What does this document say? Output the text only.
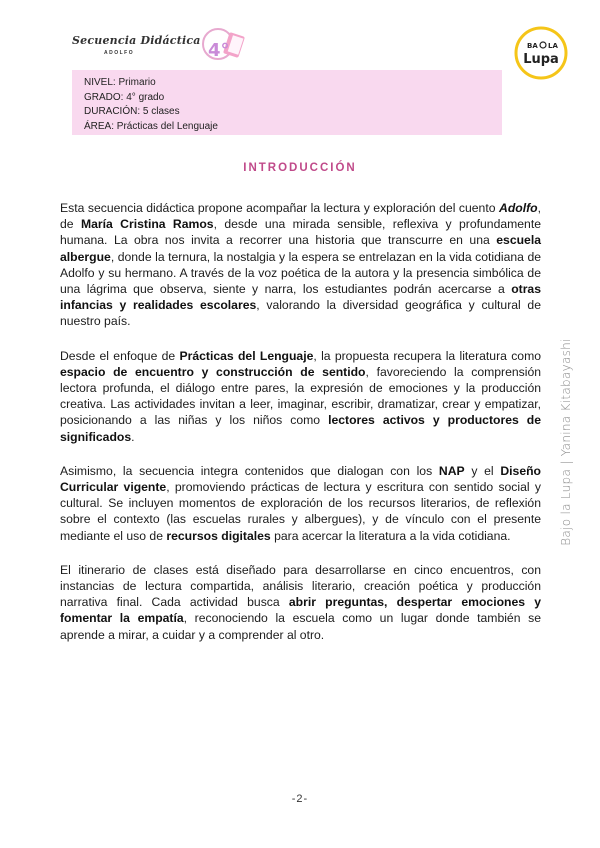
Secuencia Didáctica
ADOLFO	4°	BA LA
Lupa
NIVEL: Primario
GRADO: 4° grado
DURACIÓN: 5 clases
ÁREA: Prácticas del Lenguaje
INTRODUCCIÓN

Esta secuencia didáctica propone acompañar la lectura y exploración del cuento Adolfo, de María Cristina Ramos, desde una mirada sensible, reflexiva y profundamente humana. La obra nos invita a recorrer una historia que transcurre en una escuela albergue, donde la ternura, la nostalgia y la espera se entrelazan en la vida cotidiana de Adolfo y su hermano. A través de la voz poética de la autora y la presencia simbólica de una lágrima que observa, siente y narra, los estudiantes podrán acercarse a otras infancias y realidades escolares, valorando la diversidad geográfica y cultural de nuestro país.

Desde el enfoque de Prácticas del Lenguaje, la propuesta recupera la literatura como espacio de encuentro y construcción de sentido, favoreciendo la comprensión lectora profunda, el diálogo entre pares, la expresión de emociones y la producción creativa. Las actividades invitan a leer, imaginar, escribir, dramatizar, crear y empatizar, posicionando a las niñas y los niños como lectores activos y productores de significados.

Asimismo, la secuencia integra contenidos que dialogan con los NAP y el Diseño Curricular vigente, promoviendo prácticas de lectura y escritura con sentido social y cultural. Se incluyen momentos de exploración de los recursos literarios, de reflexión sobre el contexto (las escuelas rurales y albergues), y de vínculo con el presente mediante el uso de recursos digitales para acercar la literatura a la vida cotidiana.

El itinerario de clases está diseñado para desarrollarse en cinco encuentros, con instancias de lectura compartida, análisis literario, creación poética y producción narrativa final. Cada actividad busca abrir preguntas, despertar emociones y fomentar la empatía, reconociendo la escuela como un lugar donde también se aprende a mirar, a cuidar y a comprender al otro.

Bajo la Lupa | Yanina Kitabayashi
-2-
